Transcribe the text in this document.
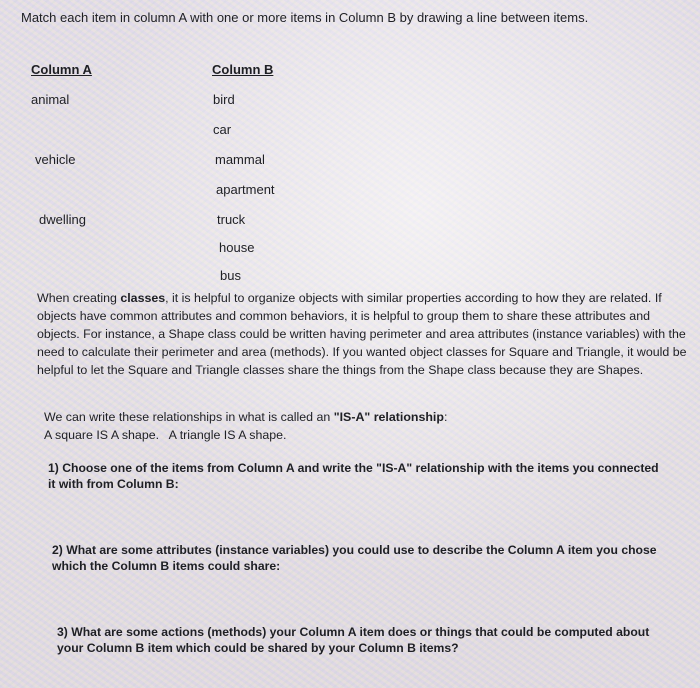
Match each item in column A with one or more items in Column B by drawing a line between items.

Column A

animal

vehicle

dwelling

Column B

bird

car

mammal

apartment

truck

house

bus

When creating classes, it is helpful to organize objects with similar properties according to how they are related. If objects have common attributes and common behaviors, it is helpful to group them to share these attributes and objects. For instance, a Shape class could be written having perimeter and area attributes (instance variables) with the need to calculate their perimeter and area (methods). If you wanted object classes for Square and Triangle, it would be helpful to let the Square and Triangle classes share the things from the Shape class because they are Shapes.

We can write these relationships in what is called an "IS-A" relationship:

A square IS A shape.   A triangle IS A shape.

1) Choose one of the items from Column A and write the "IS-A" relationship with the items you connected it with from Column B:

2) What are some attributes (instance variables) you could use to describe the Column A item you chose which the Column B items could share:

3) What are some actions (methods) your Column A item does or things that could be computed about your Column B item which could be shared by your Column B items?
